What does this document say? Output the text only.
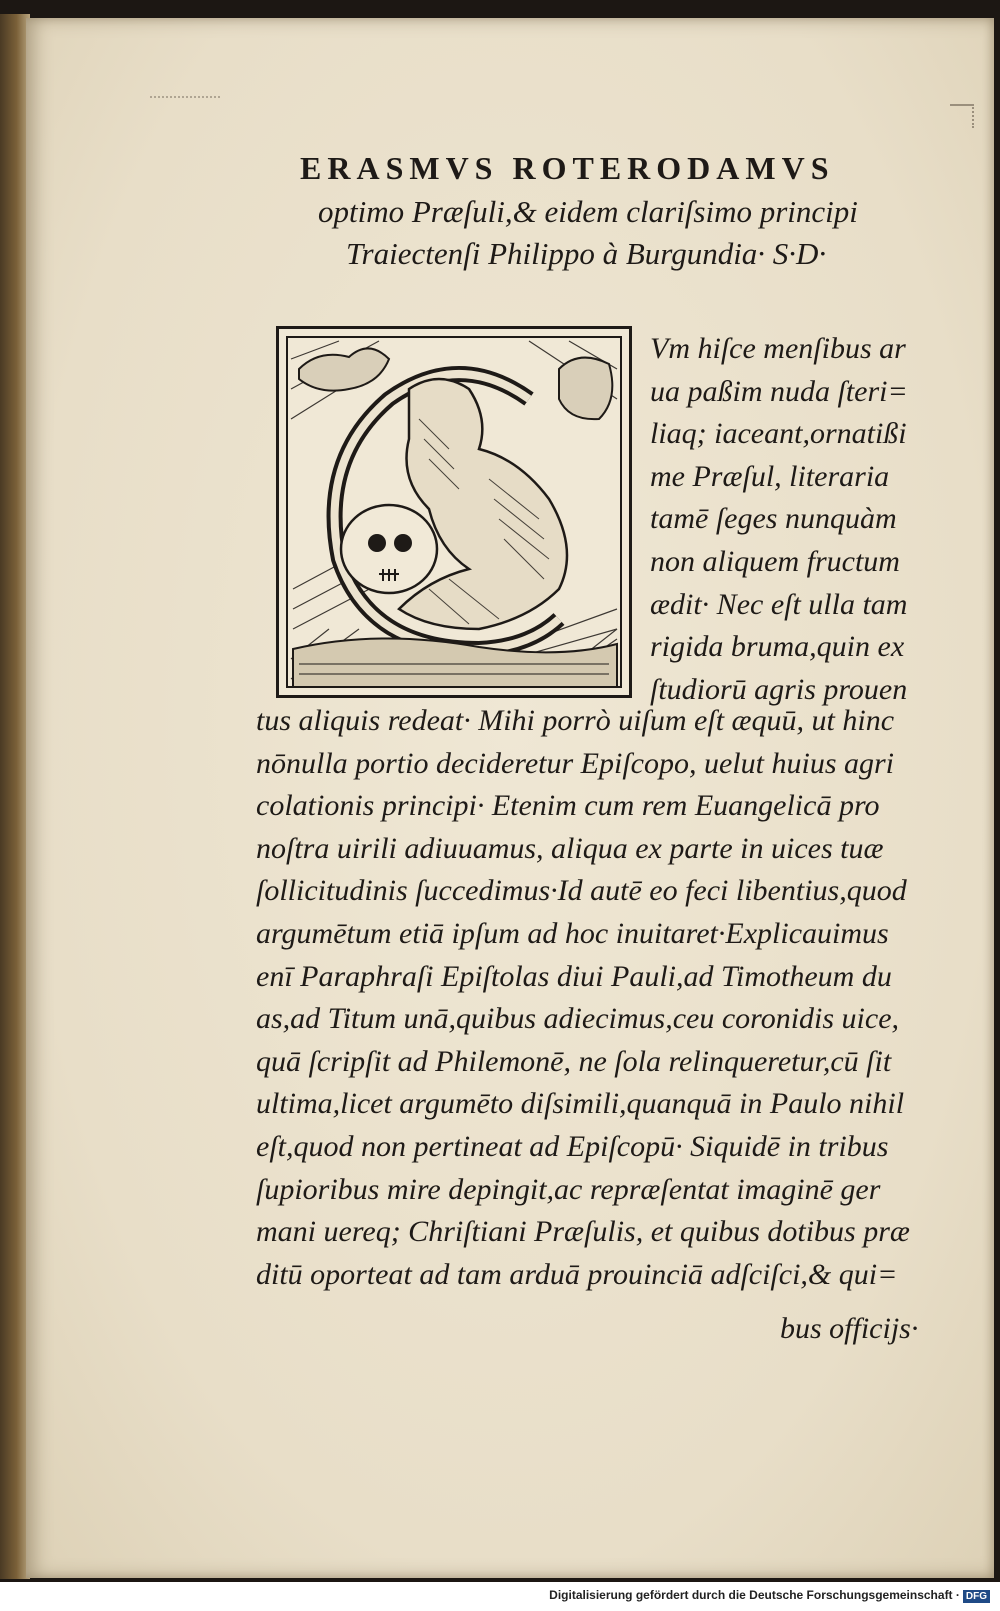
ERASMVS ROTERODAMVS
optimo Præſuli,& eidem clariſsimo principi
Traiectenſi Philippo à Burgundia· S·D·
Vm hiſce menſibus ar
ua paßim nuda ſteri=
liaq; iaceant,ornatißi
me Præſul, literaria
tamē ſeges nunquàm
non aliquem fructum
ædit· Nec eſt ulla tam
rigida bruma,quin ex
ſtudiorū agris prouen
tus aliquis redeat· Mihi porrò uiſum eſt æquū, ut hinc
nōnulla portio decideretur Epiſcopo, uelut huius agri
colationis principi· Etenim cum rem Euangelicā pro
noſtra uirili adiuuamus, aliqua ex parte in uices tuæ
ſollicitudinis ſuccedimus·Id autē eo feci libentius,quod
argumētum etiā ipſum ad hoc inuitaret·Explicauimus
enī Paraphraſi Epiſtolas diui Pauli,ad Timotheum du
as,ad Titum unā,quibus adiecimus,ceu coronidis uice,
quā ſcripſit ad Philemonē, ne ſola relinqueretur,cū ſit
ultima,licet argumēto diſsimili,quanquā in Paulo nihil
eſt,quod non pertineat ad Epiſcopū· Siquidē in tribus
ſupioribus mire depingit,ac repræſentat imaginē ger
mani uereq; Chriſtiani Præſulis, et quibus dotibus præ
ditū oporteat ad tam arduā prouinciā adſciſci,& qui=
bus officijs·
Digitalisierung gefördert durch die Deutsche Forschungsgemeinschaft · DFG
